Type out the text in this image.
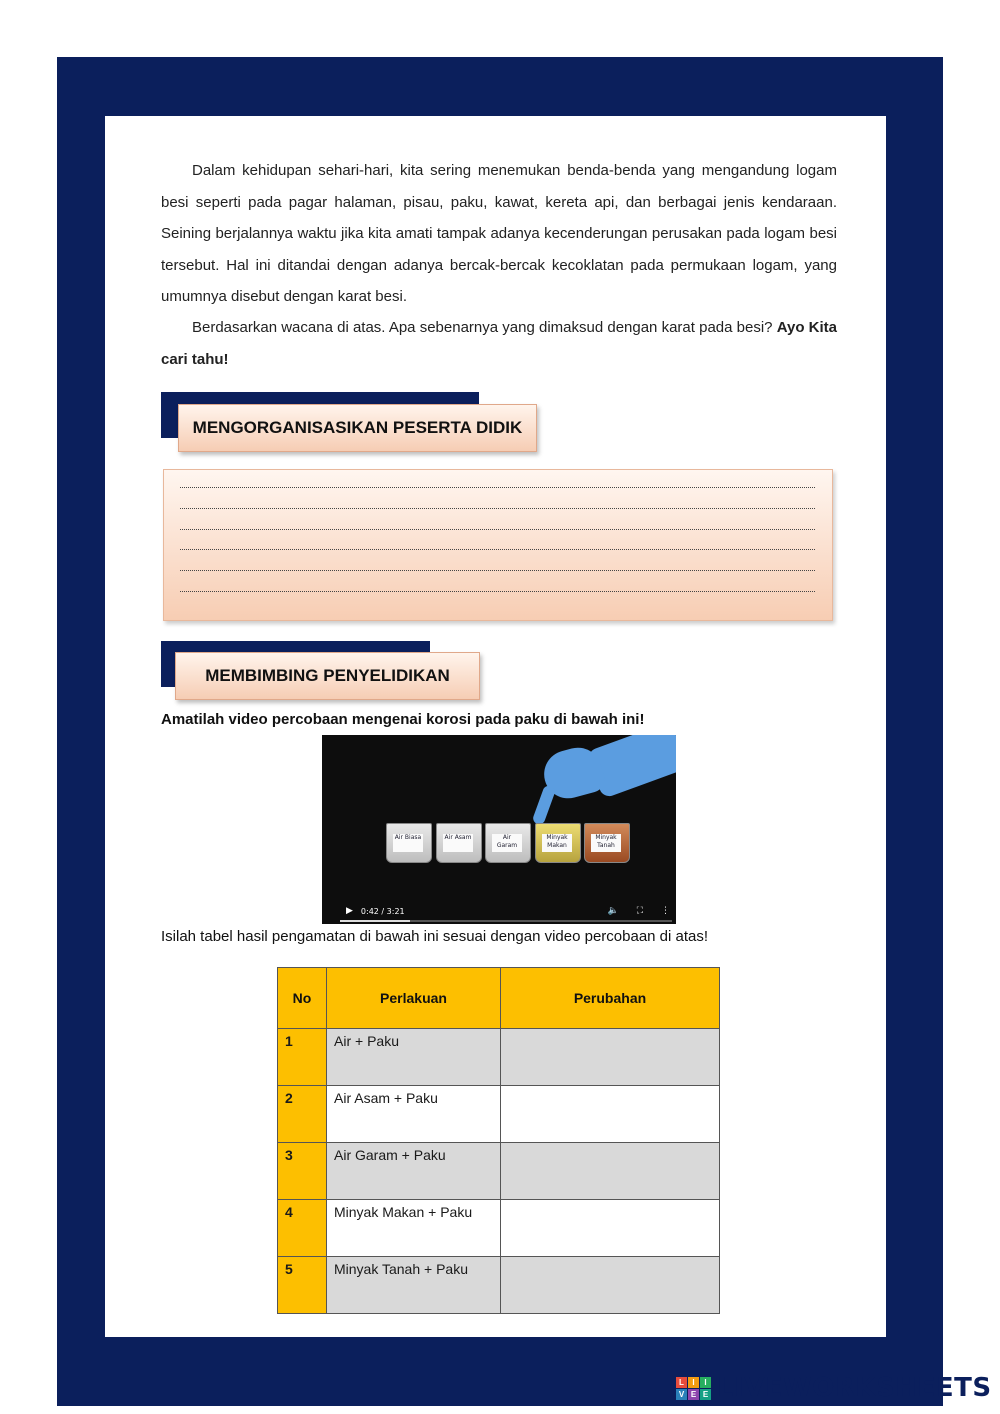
Dalam kehidupan sehari-hari, kita sering menemukan benda-benda yang mengandung logam besi seperti pada pagar halaman, pisau, paku, kawat, kereta api, dan berbagai jenis kendaraan. Seining berjalannya waktu jika kita amati tampak adanya kecenderungan perusakan pada logam besi tersebut. Hal ini ditandai dengan adanya bercak-bercak kecoklatan pada permukaan logam, yang umumnya disebut dengan karat besi.

Berdasarkan wacana di atas. Apa sebenarnya yang dimaksud dengan karat pada besi? Ayo Kita cari tahu!

MENGORGANISASIKAN PESERTA DIDIK
MEMBIMBING PENYELIDIKAN

Amatilah video percobaan mengenai korosi pada paku di bawah ini!

Air Biasa	Air Asam	Air Garam
Minyak Makan
Minyak Tanah
▶ 0:42 / 3:21	🔈 ⛶ ⋮

Isilah tabel hasil pengamatan di bawah ini sesuai dengan video percobaan di atas!

No	Perlakuan	Perubahan
1	Air + Paku	
2	Air Asam + Paku	
3	Air Garam + Paku	
4	Minyak Makan + Paku	
5	Minyak Tanah + Paku	
L	I	I
V E E LIVEWORKSHEETS
